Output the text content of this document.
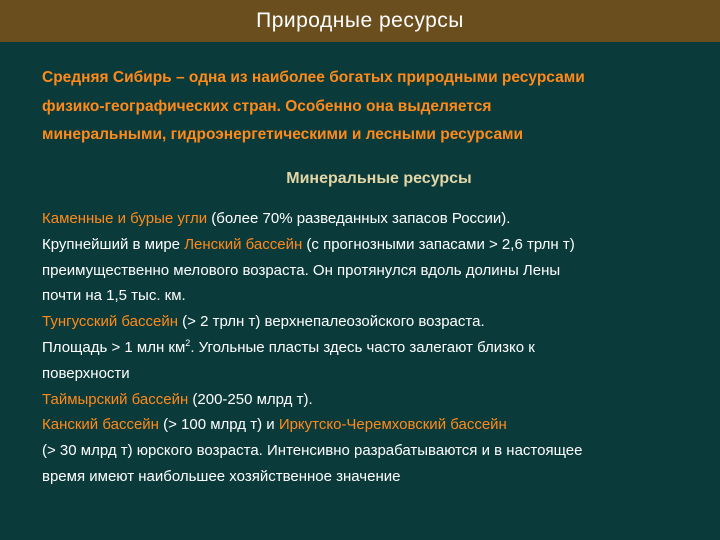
Природные ресурсы

Средняя Сибирь – одна из наиболее богатых природными ресурсами
физико-географических стран. Особенно она выделяется
минеральными, гидроэнергетическими и лесными ресурсами

Минеральные ресурсы
Каменные и бурые угли (более 70% разведанных запасов России).
Крупнейший в мире Ленский бассейн (с прогнозными запасами > 2,6 трлн т)
преимущественно мелового возраста. Он протянулся вдоль долины Лены
почти на 1,5 тыс. км.
Тунгусский бассейн (> 2 трлн т) верхнепалеозойского возраста.
Площадь > 1 млн $км^2$. Угольные пласты здесь часто залегают близко к
поверхности
Таймырский бассейн (200-250 млрд т).
Канский бассейн (> 100 млрд т) и Иркутско-Черемховский бассейн
(> 30 млрд т) юрского возраста. Интенсивно разрабатываются и в настоящее
время имеют наибольшее хозяйственное значение
